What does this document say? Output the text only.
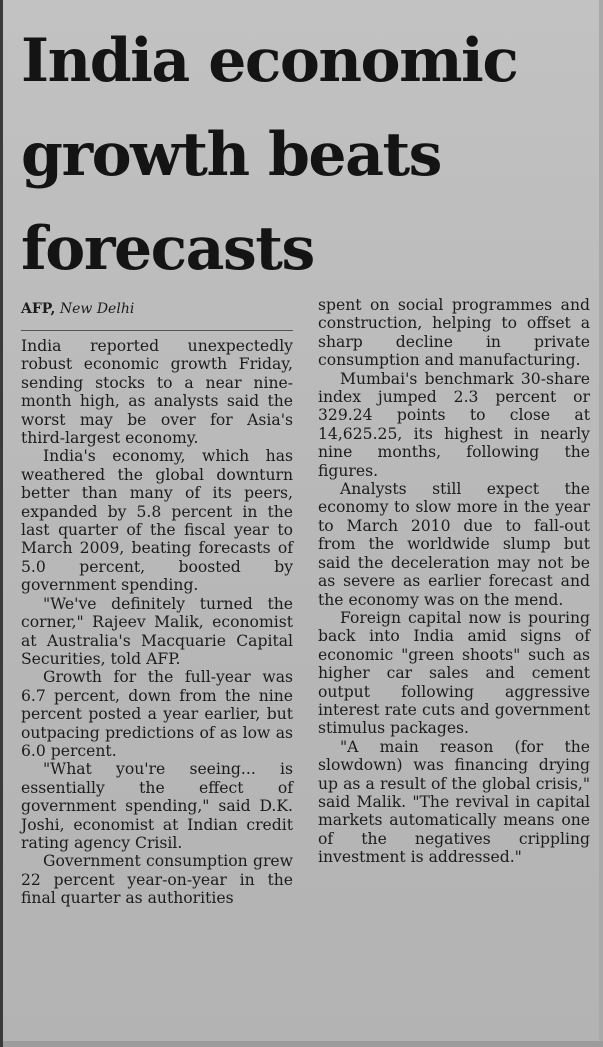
India economic growth beats forecasts
AFP, New Delhi

India reported unexpectedly robust economic growth Friday, sending stocks to a near nine-month high, as analysts said the worst may be over for Asia's third-largest economy.

India's economy, which has weathered the global downturn better than many of its peers, expanded by 5.8 percent in the last quarter of the fiscal year to March 2009, beating forecasts of 5.0 percent, boosted by government spending.

"We've definitely turned the corner," Rajeev Malik, economist at Australia's Macquarie Capital Securities, told AFP.

Growth for the full-year was 6.7 percent, down from the nine percent posted a year earlier, but outpacing predictions of as low as 6.0 percent.

"What you're seeing... is essentially the effect of government spending," said D.K. Joshi, economist at Indian credit rating agency Crisil.

Government consumption grew 22 percent year-on-year in the final quarter as authorities

spent on social programmes and construction, helping to offset a sharp decline in private consumption and manufacturing.

Mumbai's benchmark 30-share index jumped 2.3 percent or 329.24 points to close at 14,625.25, its highest in nearly nine months, following the figures.

Analysts still expect the economy to slow more in the year to March 2010 due to fall-out from the worldwide slump but said the deceleration may not be as severe as earlier forecast and the economy was on the mend.

Foreign capital now is pouring back into India amid signs of economic "green shoots" such as higher car sales and cement output following aggressive interest rate cuts and government stimulus packages.

"A main reason (for the slowdown) was financing drying up as a result of the global crisis," said Malik. "The revival in capital markets automatically means one of the negatives crippling investment is addressed."
